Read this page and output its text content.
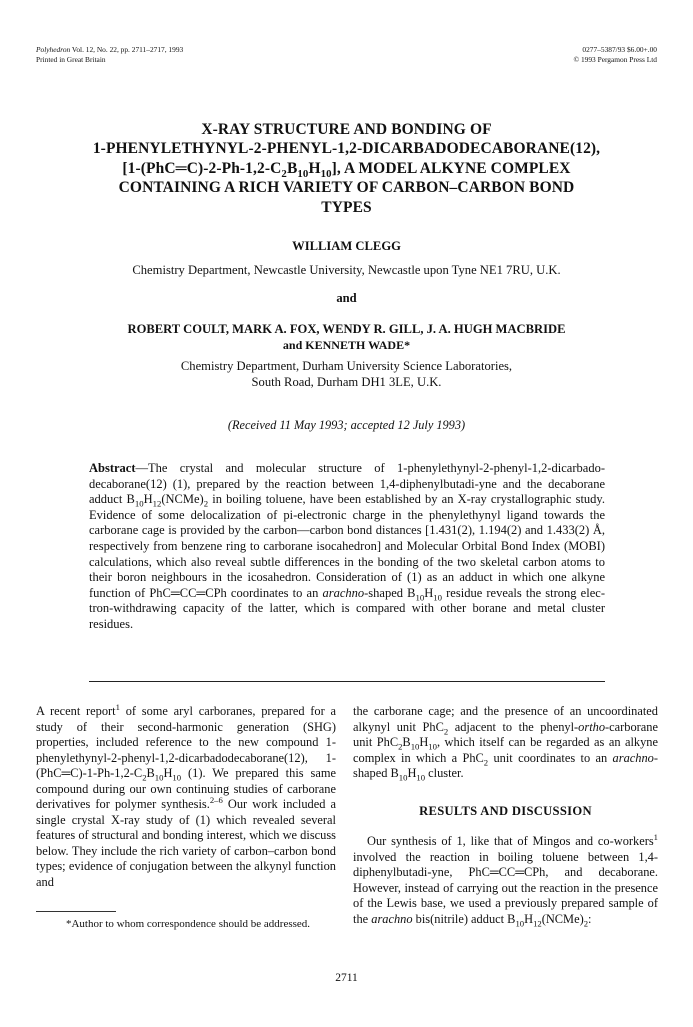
Polyhedron Vol. 12, No. 22, pp. 2711–2717, 1993
Printed in Great Britain
0277–5387/93 $6.00+.00
© 1993 Pergamon Press Ltd
X-RAY STRUCTURE AND BONDING OF
1-PHENYLETHYNYL-2-PHENYL-1,2-DICARBADODECABORANE(12),
$[1-(PhC═C)-2-Ph-1,2-C_2B_{10}H_{10}]$, A MODEL ALKYNE COMPLEX
CONTAINING A RICH VARIETY OF CARBON–CARBON BOND
TYPES
WILLIAM CLEGG
Chemistry Department, Newcastle University, Newcastle upon Tyne NE1 7RU, U.K.
and
ROBERT COULT, MARK A. FOX, WENDY R. GILL, J. A. HUGH MACBRIDE
and KENNETH WADE*
Chemistry Department, Durham University Science Laboratories,
South Road, Durham DH1 3LE, U.K.
(Received 11 May 1993; accepted 12 July 1993)
Abstract—The crystal and molecular structure of 1-phenylethynyl-2-phenyl-1,2-dicarbadodecaborane(12) (1), prepared by the reaction between 1,4-diphenylbutadi-yne and the decaborane adduct $B_{10}H_{12}(NCMe)_2$ in boiling toluene, have been established by an X-ray crystallographic study. Evidence of some delocalization of pi-electronic charge in the phenylethynyl ligand towards the carborane cage is provided by the carbon—carbon bond distances [1.431(2), 1.194(2) and 1.433(2) Å, respectively from benzene ring to carborane isocahedron] and Molecular Orbital Bond Index (MOBI) calculations, which also reveal subtle differences in the bonding of the two skeletal carbon atoms to their boron neighbours in the icosahedron. Consideration of (1) as an adduct in which one alkyne function of PhC═CC═CPh coordinates to an arachno-shaped $B_{10}H_{10}$ residue reveals the strong electron-withdrawing capacity of the latter, which is compared with other borane and metal cluster residues.

A recent report$^1$ of some aryl carboranes, prepared for a study of their second-harmonic generation (SHG) properties, included reference to the new compound 1-phenylethynyl-2-phenyl-1,2-dicarbadodecaborane(12), $1-(PhC═C)-1-Ph-1,2-C_2B_{10}H_{10}$ (1). We prepared this same compound during our own continuing studies of carborane derivatives for polymer synthesis.$^{2-6}$ Our work included a single crystal X-ray study of (1) which revealed several features of structural and bonding interest, which we discuss below. They include the rich variety of carbon–carbon bond types; evidence of conjugation between the alkynyl function and

the carborane cage; and the presence of an uncoordinated alkynyl unit PhC$_2$ adjacent to the phenyl-ortho-carborane unit $PhC_2B_{10}H_{10}$, which itself can be regarded as an alkyne complex in which a PhC$_2$ unit coordinates to an arachno-shaped $B_{10}H_{10}$ cluster.

RESULTS AND DISCUSSION

Our synthesis of 1, like that of Mingos and co-workers$^1$ involved the reaction in boiling toluene between 1,4-diphenylbutadi-yne, PhC═CC═CPh, and decaborane. However, instead of carrying out the reaction in the presence of the Lewis base, we used a previously prepared sample of the arachno bis(nitrile) adduct $B_{10}H_{12}(NCMe)_2$:

*Author to whom correspondence should be addressed.
2711
